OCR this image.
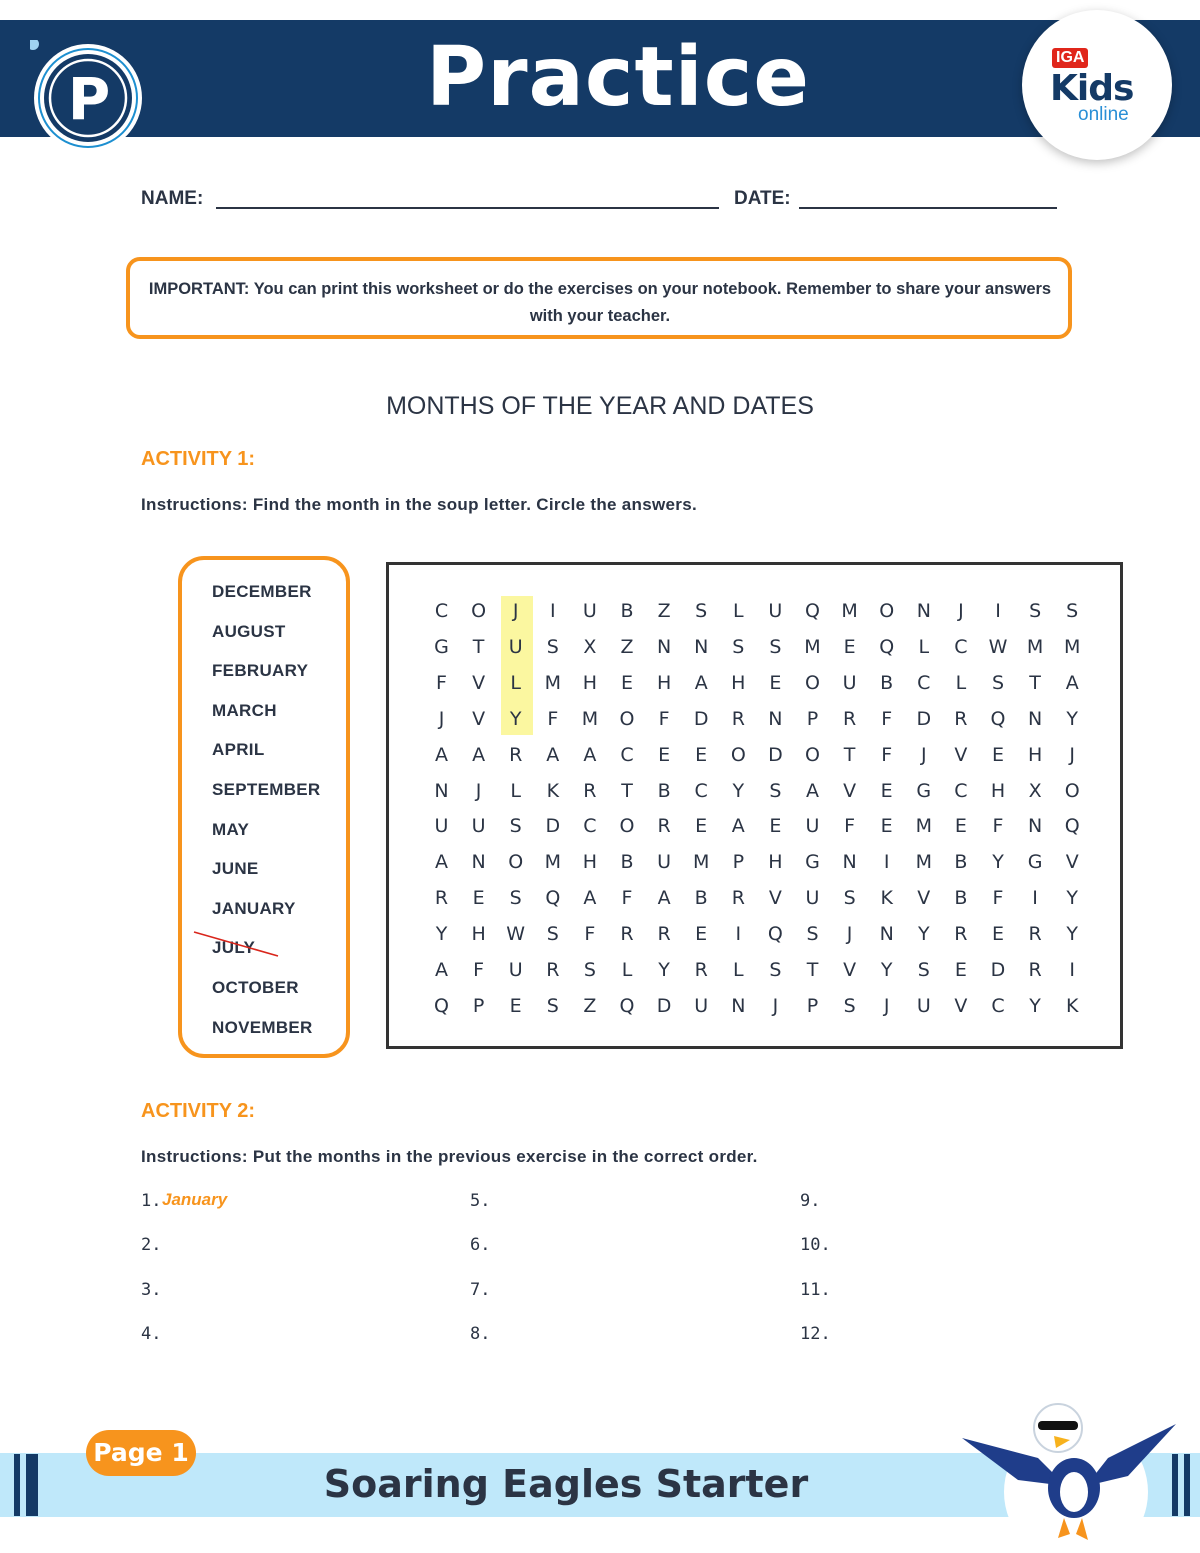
Practice
P
IGA
Kids
online
NAME:	DATE:
IMPORTANT: You can print this worksheet or do the exercises on your notebook. Remember to share your answers with your teacher.
MONTHS OF THE YEAR AND DATES
ACTIVITY 1:
Instructions: Find the month in the soup letter. Circle the answers.
DECEMBER
AUGUST
FEBRUARY
MARCH
APRIL
SEPTEMBER
MAY
JUNE
JANUARY
JULY
OCTOBER
NOVEMBER
C	O	J	I	U	B	Z	S	L	U	Q	M	O	N	J	I	S	S
G	T	U	S	X	Z	N	N	S	S	M	E	Q	L	C	W	M	M
F	V	L	M	H	E	H	A	H	E	O	U	B	C	L	S	T	A
J	V	Y	F	M	O	F	D	R	N	P	R	F	D	R	Q	N	Y
A	A	R	A	A	C	E	E	O	D	O	T	F	J	V	E	H	J
N	J	L	K	R	T	B	C	Y	S	A	V	E	G	C	H	X	O
U	U	S	D	C	O	R	E	A	E	U	F	E	M	E	F	N	Q
A	N	O	M	H	B	U	M	P	H	G	N	I	M	B	Y	G	V
R	E	S	Q	A	F	A	B	R	V	U	S	K	V	B	F	I	Y
Y	H	W	S	F	R	R	E	I	Q	S	J	N	Y	R	E	R	Y
A	F	U	R	S	L	Y	R	L	S	T	V	Y	S	E	D	R	I
Q	P	E	S	Z	Q	D	U	N	J	P	S	J	U	V	C	Y	K
ACTIVITY 2:
Instructions: Put the months in the previous exercise in the correct order.
1.
2.
3.
4.
5.
6.
7.
8.
9.
10.
11.
12.
January
Soaring Eagles Starter
Page 1
